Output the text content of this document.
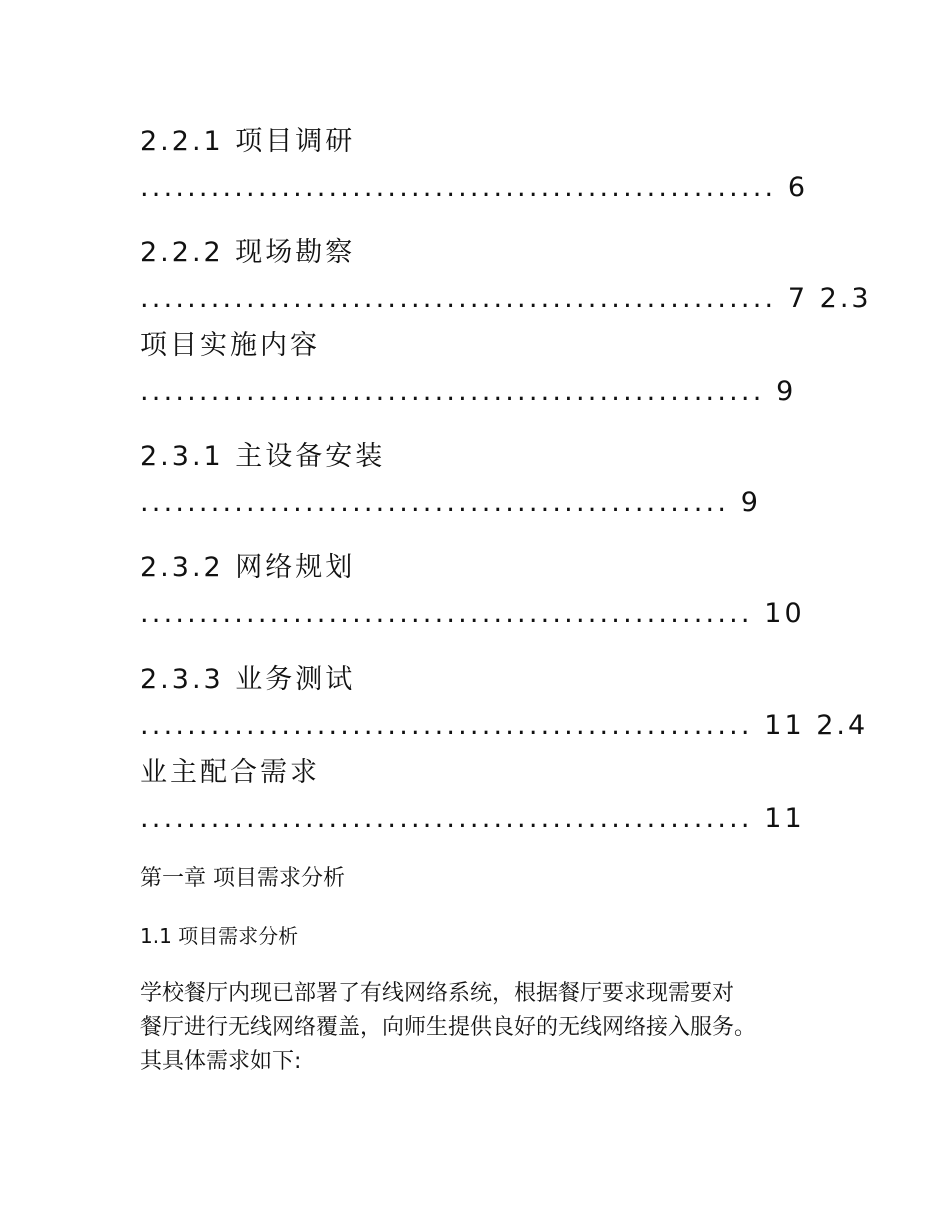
2.2.1 项目调研
...................................................... 6
2.2.2 现场勘察
...................................................... 7 2.3
项目实施内容
..................................................... 9
2.3.1 主设备安装
.................................................. 9
2.3.2 网络规划
.................................................... 10
2.3.3 业务测试
.................................................... 11 2.4
业主配合需求
.................................................... 11
第一章 项目需求分析
1.1 项目需求分析
学校餐厅内现已部署了有线网络系统，根据餐厅要求现需要对
餐厅进行无线网络覆盖，向师生提供良好的无线网络接入服务。
其具体需求如下:
